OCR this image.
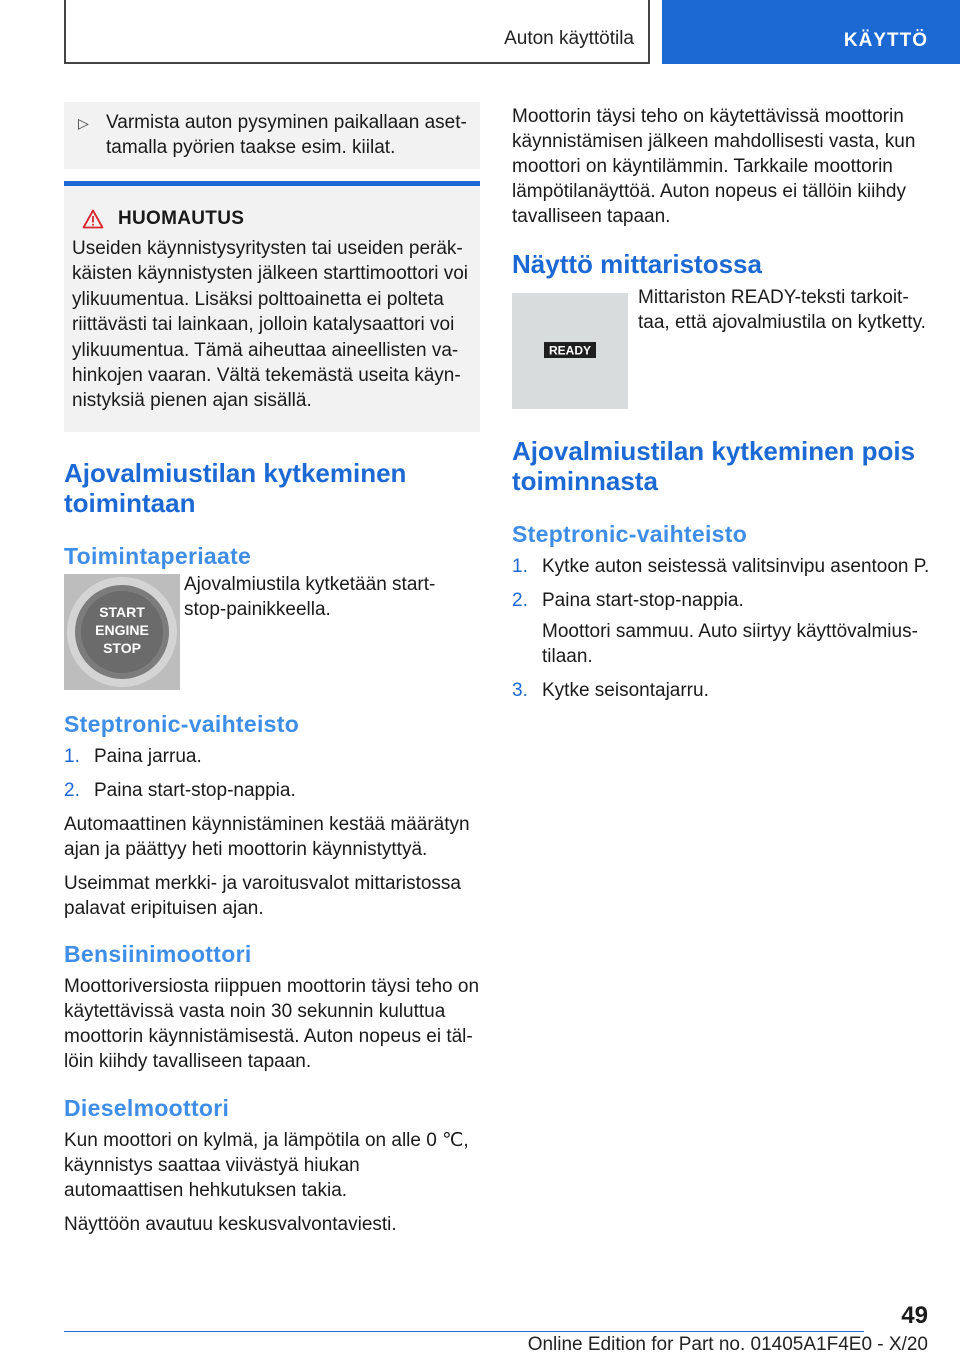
Auton käyttötila	KÄYTTÖ
▷ Varmista auton pysyminen paikallaan asettamalla pyörien taakse esim. kiilat.
HUOMAUTUS
Useiden käynnistysyritysten tai useiden peräkkäisten käynnistysten jälkeen starttimoottori voi ylikuumentua. Lisäksi polttoainetta ei polteta riittävästi tai lainkaan, jolloin katalysaattori voi ylikuumentua. Tämä aiheuttaa aineellisten vahinkojen vaaran. Vältä tekemästä useita käynnistyksiä pienen ajan sisällä.
Ajovalmiustilan kytkeminen toimintaan
Toimintaperiaate
START
ENGINE
STOP
Ajovalmiustila kytketään start-stop-painikkeella.
Steptronic-vaihteisto
1. Paina jarrua.
2. Paina start-stop-nappia.
Automaattinen käynnistäminen kestää määrätyn ajan ja päättyy heti moottorin käynnistyttyä.
Useimmat merkki- ja varoitusvalot mittaristossa palavat eripituisen ajan.
Bensiinimoottori
Moottoriversiosta riippuen moottorin täysi teho on käytettävissä vasta noin 30 sekunnin kuluttua moottorin käynnistämisestä. Auton nopeus ei tällöin kiihdy tavalliseen tapaan.
Dieselmoottori
Kun moottori on kylmä, ja lämpötila on alle 0 ℃, käynnistys saattaa viivästyä hiukan automaattisen hehkutuksen takia.
Näyttöön avautuu keskusvalvontaviesti.
Moottorin täysi teho on käytettävissä moottorin käynnistämisen jälkeen mahdollisesti vasta, kun moottori on käyntilämmin. Tarkkaile moottorin lämpötilanäyttöä. Auton nopeus ei tällöin kiihdy tavalliseen tapaan.
Näyttö mittaristossa
READY
Mittariston READY-teksti tarkoittaa, että ajovalmiustila on kytketty.
Ajovalmiustilan kytkeminen pois toiminnasta
Steptronic-vaihteisto
1. Kytke auton seistessä valitsinvipu asentoon P.
2. Paina start-stop-nappia.
Moottori sammuu. Auto siirtyy käyttövalmiustilaan.
3. Kytke seisontajarru.
49
Online Edition for Part no. 01405A1F4E0 - X/20
